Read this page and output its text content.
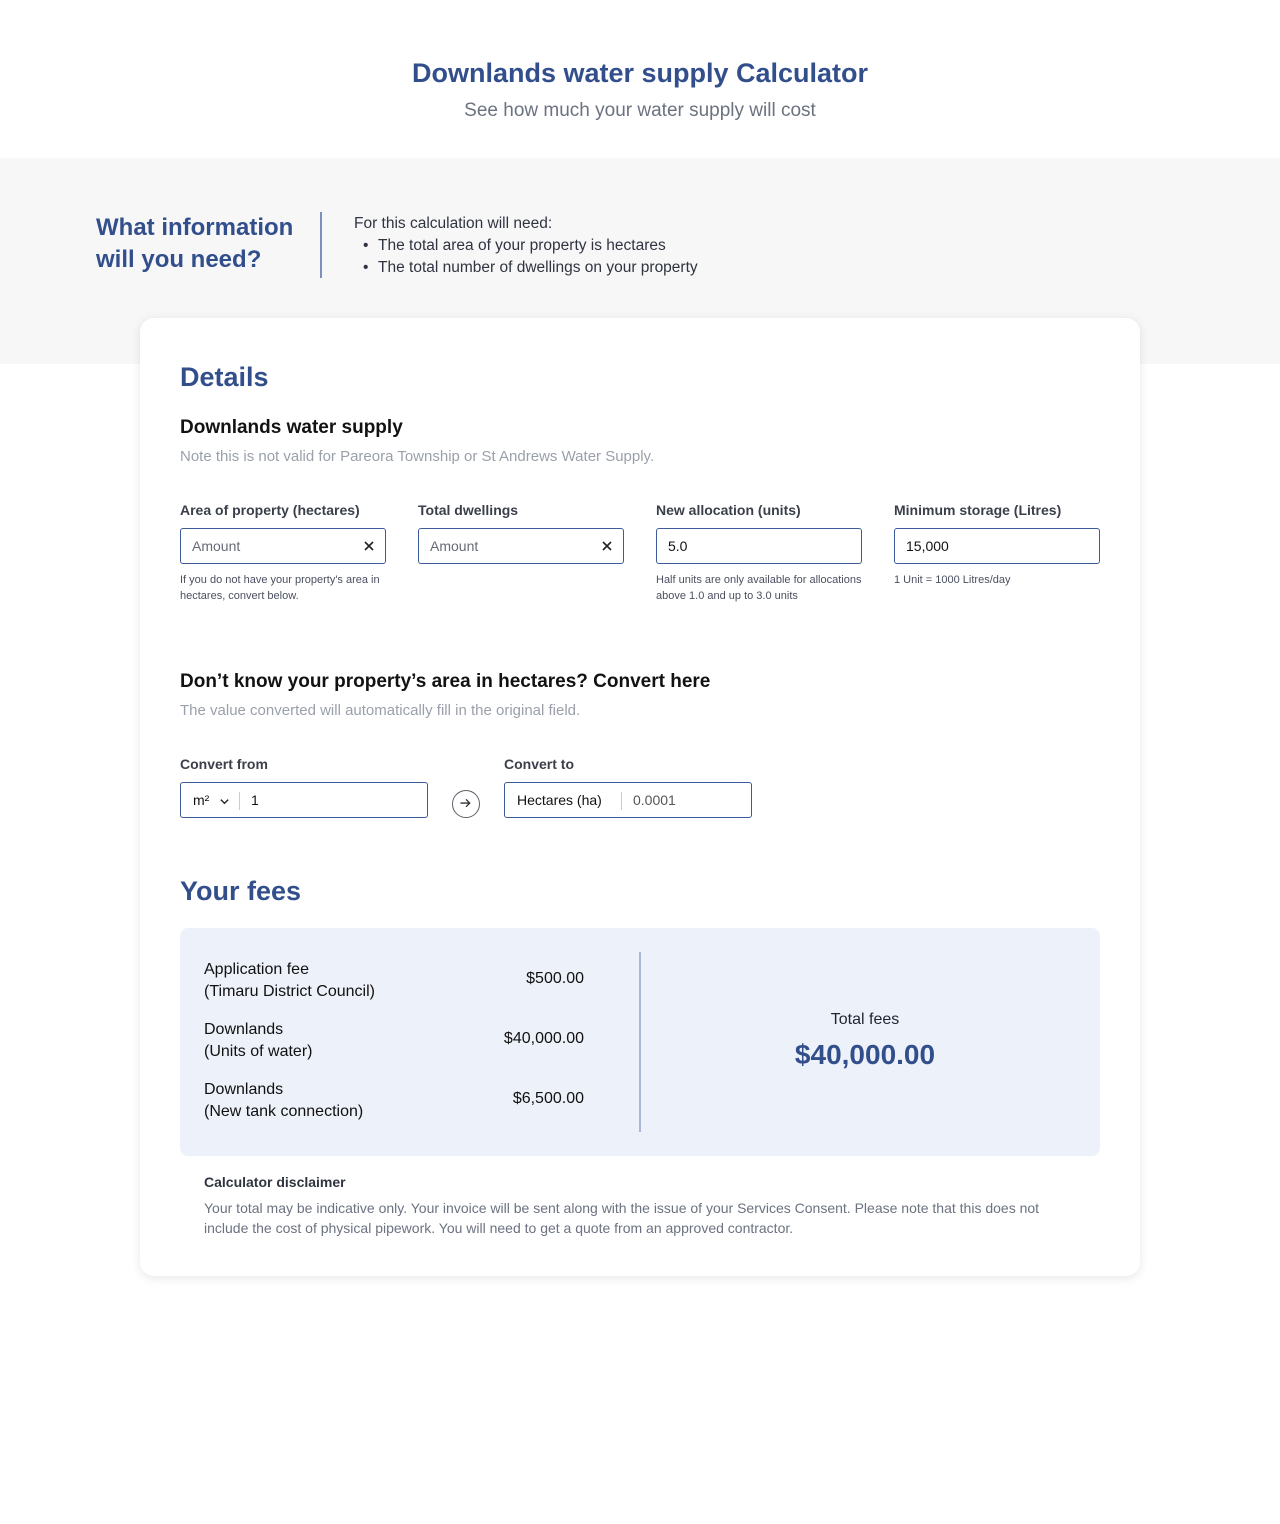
Downlands water supply Calculator
See how much your water supply will cost
What information will you need?
For this calculation will need:
• The total area of your property is hectares
• The total number of dwellings on your property
Details
Downlands water supply
Note this is not valid for Pareora Township or St Andrews Water Supply.
Area of property (hectares)
Amount
If you do not have your property's area in hectares, convert below.
Total dwellings
Amount
New allocation (units)
5.0
Half units are only available for allocations above 1.0 and up to 3.0 units
Minimum storage (Litres)
15,000
1 Unit = 1000 Litres/day
Don’t know your property’s area in hectares? Convert here
The value converted will automatically fill in the original field.
Convert from
m²	1
Convert to
Hectares (ha) 0.0001
Your fees
Application fee
(Timaru District Council)
$500.00
Downlands
(Units of water)
$40,000.00
Downlands
(New tank connection)
$6,500.00
Total fees
$40,000.00
Calculator disclaimer
Your total may be indicative only. Your invoice will be sent along with the issue of your Services Consent. Please note that this does not include the cost of physical pipework. You will need to get a quote from an approved contractor.
